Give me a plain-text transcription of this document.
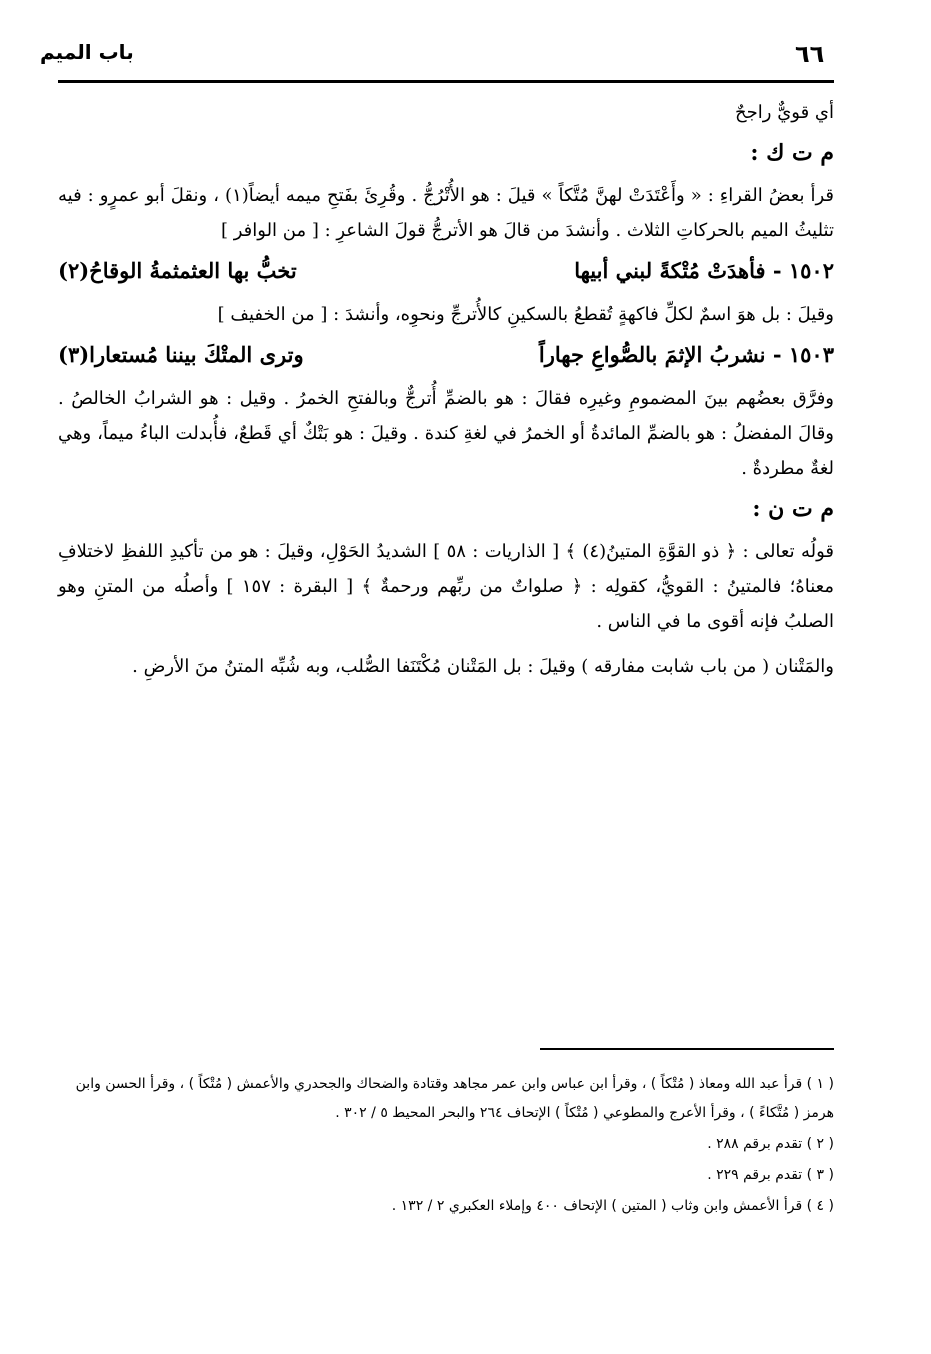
٦٦
باب الميم

أي قويٌّ راجحٌ

م ت ك :

قرأ بعضُ القراءِ : « وأَعْتَدَتْ لهنَّ مُتَّكاً » قيلَ : هو الأُتْرُجُّ . وقُرِئَ بفَتحِ ميمه أيضاً(١) ، ونقلَ أبو عمرٍو : فيه تثليثُ الميم بالحركاتِ الثلاث . وأنشدَ من قالَ هو الأترجُّ قولَ الشاعرِ : [ من الوافر ]

١٥٠٢ - فأهدَتْ مُتْكةً لبني أبيها
تخبُّ بها العثمثمةُ الوقاحُ(٢)

وقيلَ : بل هوَ اسمٌ لكلِّ فاكهةٍ تُقطعُ بالسكينِ كالأُترجِّ ونحوِه، وأنشدَ : [ من الخفيف ]

١٥٠٣ - نشربُ الإثمَ بالصُّواعِ جهاراً
وترى المتْكَ بيننا مُستعارا(٣)

وفرَّق بعضُهم بينَ المضمومِ وغيرِه فقالَ : هو بالضمِّ أُترجٌّ وبالفتحِ الخمرُ . وقيل : هو الشرابُ الخالصُ . وقالَ المفضلُ : هو بالضمِّ المائدةُ أو الخمرُ في لغةِ كندة . وقيلَ : هو بَتْكٌ أي قَطعٌ، فأُبدلت الباءُ ميماً، وهي لغةٌ مطردةٌ .

م ت ن :

قولُه تعالى : ﴿ ذو القوَّةِ المتينُ(٤) ﴾ [ الذاريات : ٥٨ ] الشديدُ الحَوْلِ، وقيلَ : هو من تأكيدِ اللفظِ لاختلافِ معناهُ؛ فالمتينُ : القويُّ، كقولِه : ﴿ صلواتٌ من ربِّهم ورحمةٌ ﴾ [ البقرة : ١٥٧ ] وأصلُه من المتنِ وهو الصلبُ فإنه أقوى ما في الناس .

والمَتْنان ( من باب شابت مفارقه ) وقيلَ : بل المَتْنان مُكْتَنَفا الصُّلب، وبه شُبِّه المتنُ منَ الأرضِ .

( ١ ) قرأ عبد الله ومعاذ ( مُتْكاً ) ، وقرأ ابن عباس وابن عمر مجاهد وقتادة والضحاك والجحدري والأعمش ( مُتْكاً ) ، وقرأ الحسن وابن هرمز ( مُتَّكاءً ) ، وقرأ الأعرج والمطوعي ( مُتْكاً ) الإتحاف ٢٦٤ والبحر المحيط ٥ / ٣٠٢ .

( ٢ ) تقدم برقم ٢٨٨ .

( ٣ ) تقدم برقم ٢٢٩ .

( ٤ ) قرأ الأعمش وابن وثاب ( المتين ) الإتحاف ٤٠٠ وإملاء العكبري ٢ / ١٣٢ .
